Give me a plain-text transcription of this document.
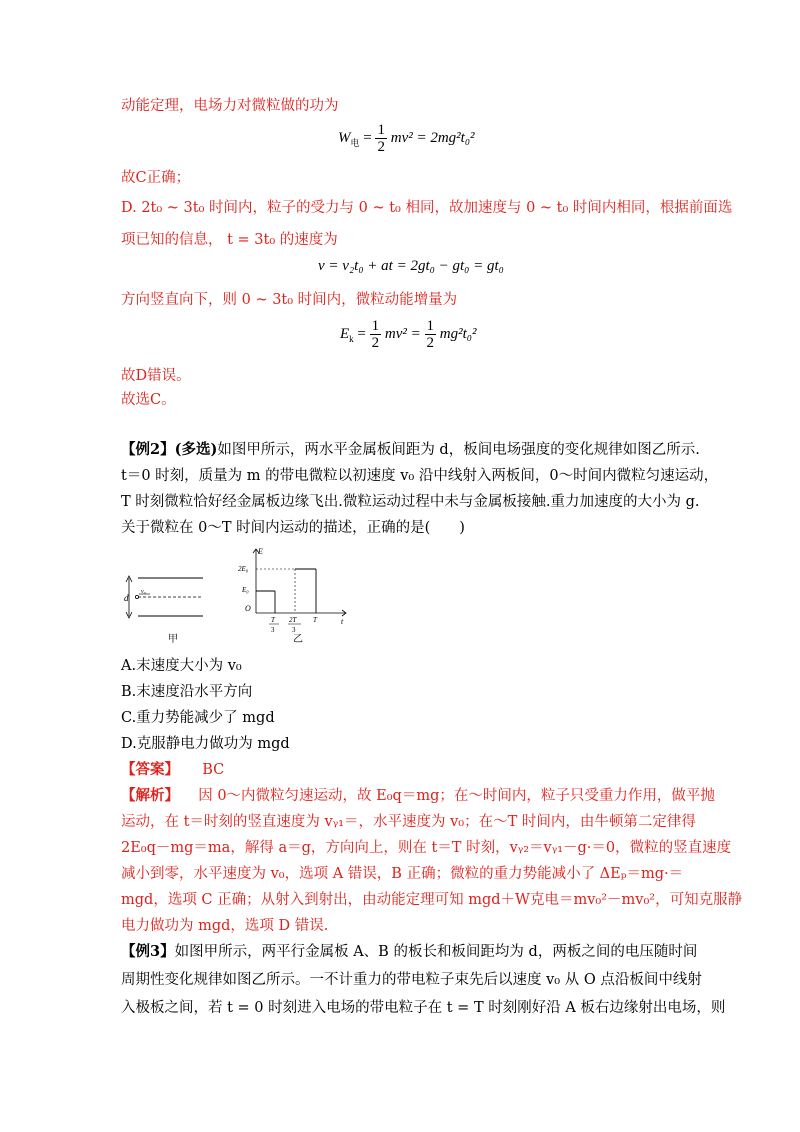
动能定理，电场力对微粒做的功为
$W_电 = \frac{1}{2} mv^2 = 2mg^2t_0^2$
故C正确；
D. 2t₀ ~ 3t₀ 时间内，粒子的受力与 0 ~ t₀ 相同，故加速度与 0 ~ t₀ 时间内相同，根据前面选
项已知的信息， t = 3t₀ 的速度为
v = v₂t₀ + at = 2gt₀ − gt₀ = gt₀
方向竖直向下，则 0 ~ 3t₀ 时间内，微粒动能增量为
$E_k = \frac{1}{2} mv^2 = \frac{1}{2} mg^2t_0^2$
故D错误。
故选C。
【例2】(多选)如图甲所示，两水平金属板间距为 d，板间电场强度的变化规律如图乙所示.
t＝0 时刻，质量为 m 的带电微粒以初速度 v₀ 沿中线射入两板间，0～时间内微粒匀速运动，
T 时刻微粒恰好经金属板边缘飞出.微粒运动过程中未与金属板接触.重力加速度的大小为 g.
关于微粒在 0～T 时间内运动的描述，正确的是(　　)
d
v₀
甲
E
t
O
2E₀
E₀
T
3
2T
3
T
乙
A.末速度大小为 v₀
B.末速度沿水平方向
C.重力势能减少了 mgd
D.克服静电力做功为 mgd
【答案】 BC
【解析】 因 0～内微粒匀速运动，故 E₀q＝mg；在～时间内，粒子只受重力作用，做平抛
运动，在 t＝时刻的竖直速度为 vᵧ₁＝，水平速度为 v₀；在～T 时间内，由牛顿第二定律得
2E₀q－mg＝ma，解得 a＝g，方向向上，则在 t＝T 时刻，vᵧ₂＝vᵧ₁－g·＝0，微粒的竖直速度
减小到零，水平速度为 v₀，选项 A 错误，B 正确；微粒的重力势能减小了 ΔEₚ＝mg·＝
mgd，选项 C 正确；从射入到射出，由动能定理可知 mgd＋W克电＝mv₀²－mv₀²，可知克服静
电力做功为 mgd，选项 D 错误.
【例3】如图甲所示，两平行金属板 A、B 的板长和板间距均为 d，两板之间的电压随时间
周期性变化规律如图乙所示。一不计重力的带电粒子束先后以速度 v₀ 从 O 点沿板间中线射
入极板之间，若 t = 0 时刻进入电场的带电粒子在 t = T 时刻刚好沿 A 板右边缘射出电场，则
